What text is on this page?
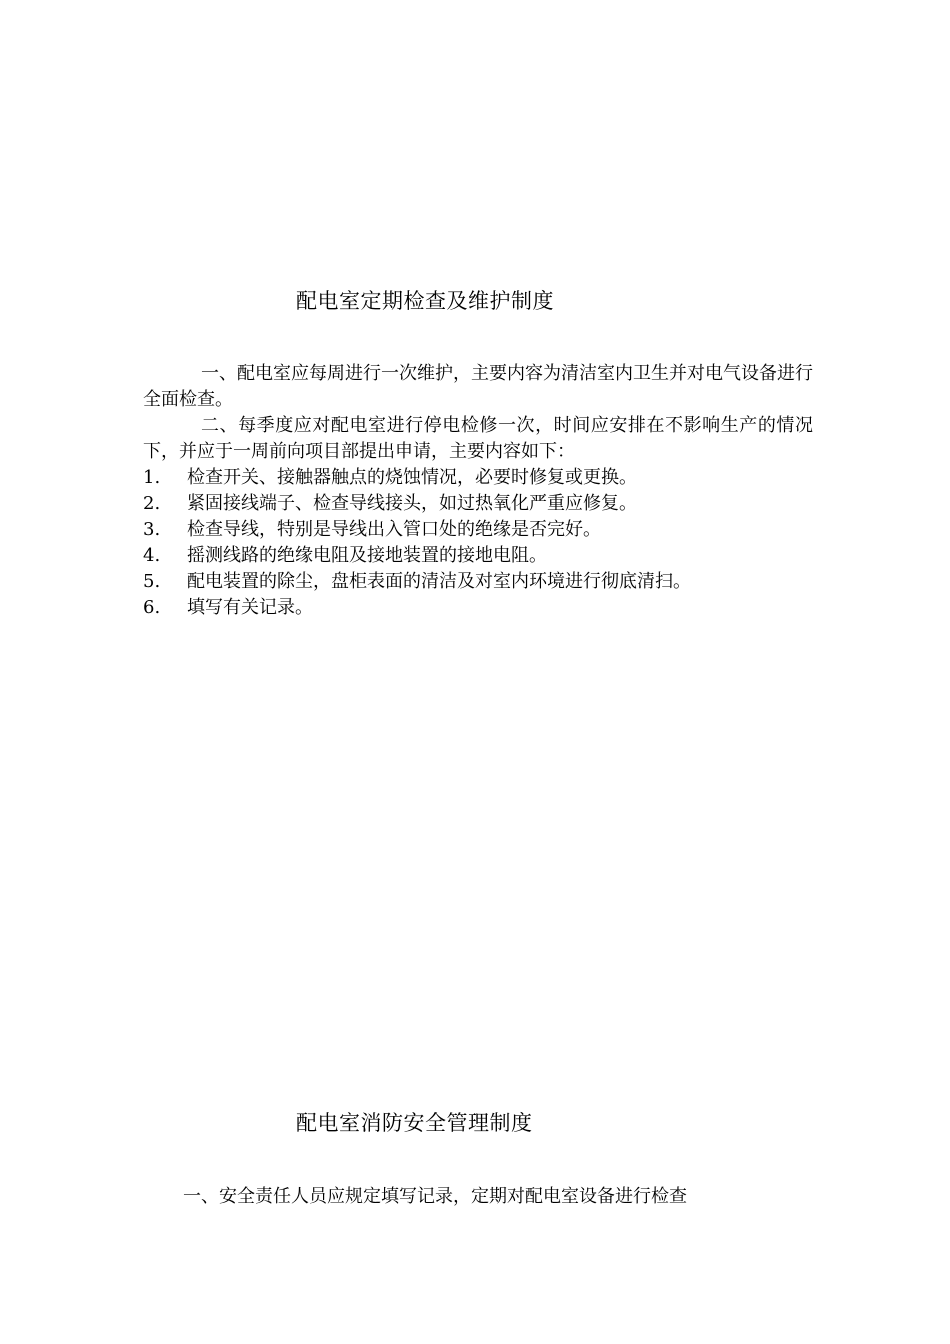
配电室定期检查及维护制度

一、配电室应每周进行一次维护，主要内容为清洁室内卫生并对电气设备进行全面检查。

二、每季度应对配电室进行停电检修一次，时间应安排在不影响生产的情况下，并应于一周前向项目部提出申请，主要内容如下：

1.	检查开关、接触器触点的烧蚀情况，必要时修复或更换。
2.	紧固接线端子、检查导线接头，如过热氧化严重应修复。
3.	检查导线，特别是导线出入管口处的绝缘是否完好。
4.	摇测线路的绝缘电阻及接地装置的接地电阻。
5.	配电装置的除尘，盘柜表面的清洁及对室内环境进行彻底清扫。
6.	填写有关记录。
配电室消防安全管理制度
一、安全责任人员应规定填写记录，定期对配电室设备进行检查
